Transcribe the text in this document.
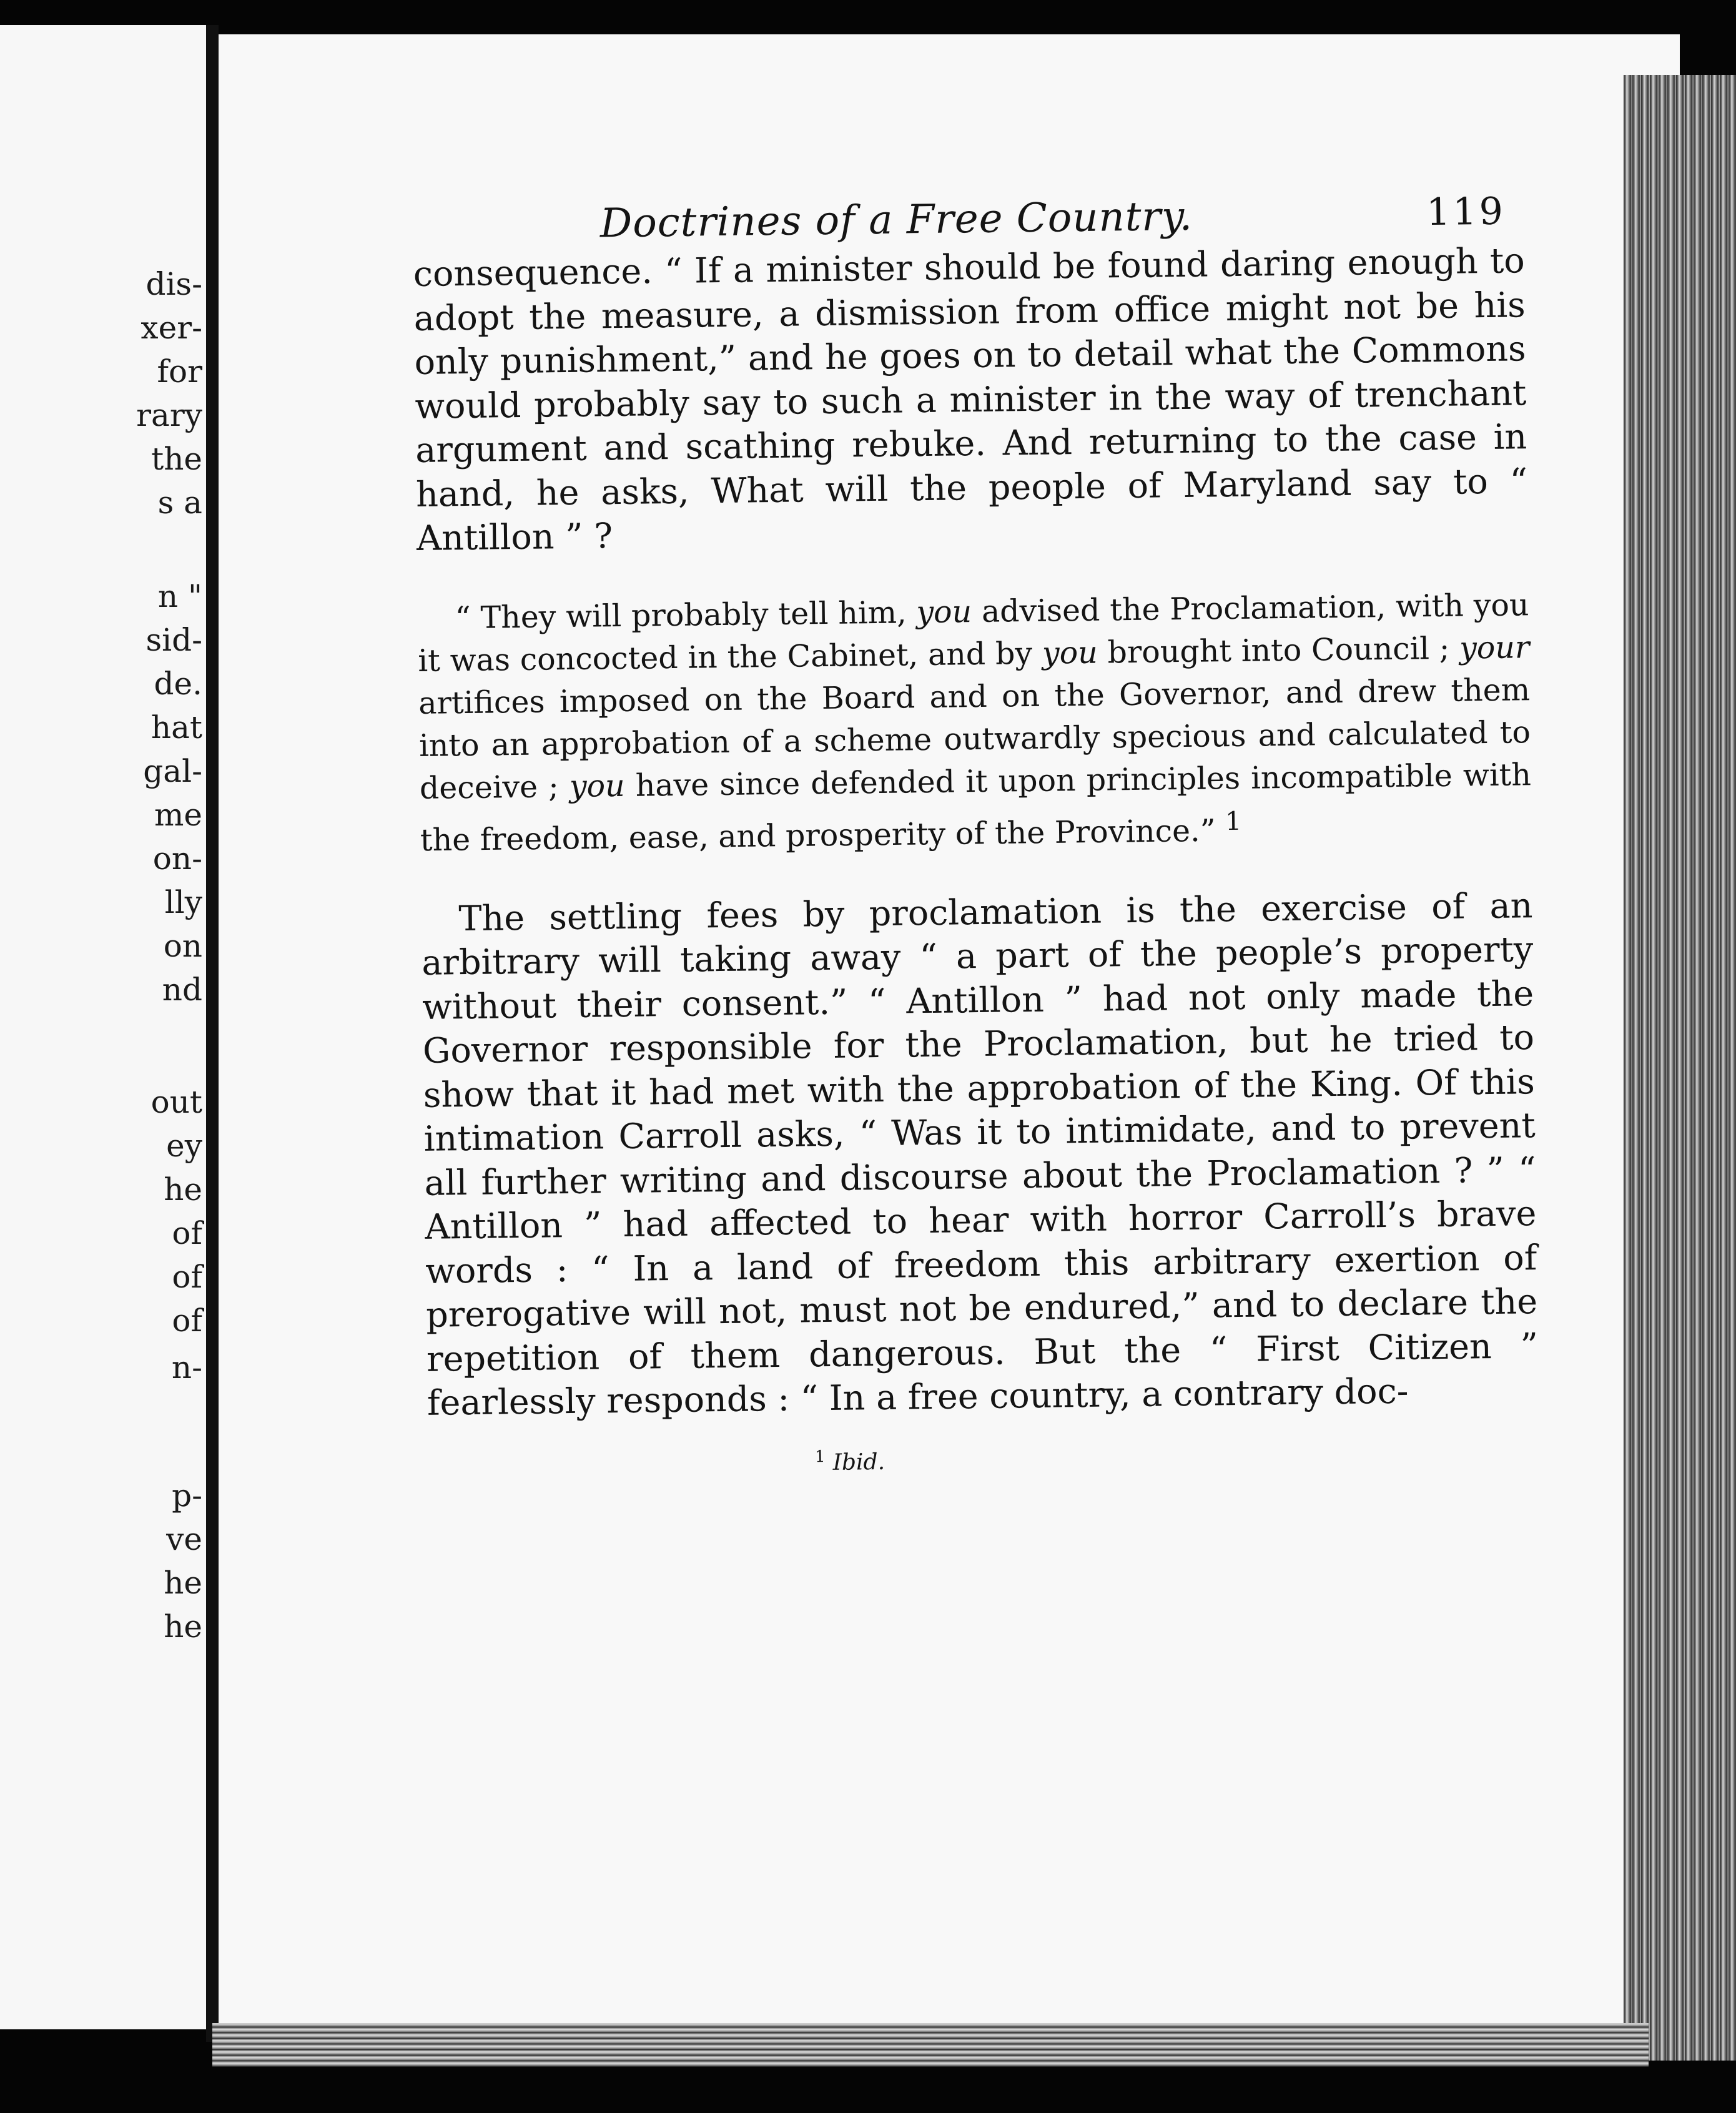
dis-
xer-
for
rary
the
s a
n "
sid-
de.
hat
gal-
me
on-
lly
on
nd
out
ey
he
of
of
of
n-
p-
ve
he
he
Doctrines of a Free Country.	119

consequence. “ If a minister should be found daring enough to adopt the measure, a dismission from office might not be his only punishment,” and he goes on to detail what the Commons would probably say to such a minister in the way of trenchant argument and scathing rebuke. And returning to the case in hand, he asks, What will the people of Maryland say to “ Antillon ” ?

“ They will probably tell him, you advised the Proclamation, with you it was concocted in the Cabinet, and by you brought into Council ; your artifices imposed on the Board and on the Governor, and drew them into an approbation of a scheme outwardly specious and calculated to deceive ; you have since defended it upon principles incompatible with the freedom, ease, and prosperity of the Province.” $^1$

The settling fees by proclamation is the exercise of an arbitrary will taking away “ a part of the people’s property without their consent.” “ Antillon ” had not only made the Governor responsible for the Proclamation, but he tried to show that it had met with the approbation of the King. Of this intimation Carroll asks, “ Was it to intimidate, and to prevent all further writing and discourse about the Proclamation ? ” “ Antillon ” had affected to hear with horror Carroll’s brave words : “ In a land of freedom this arbitrary exertion of prerogative will not, must not be endured,” and to declare the repetition of them dangerous. But the “ First Citizen ” fearlessly responds : “ In a free country, a contrary doc-

$^1$ Ibid.
